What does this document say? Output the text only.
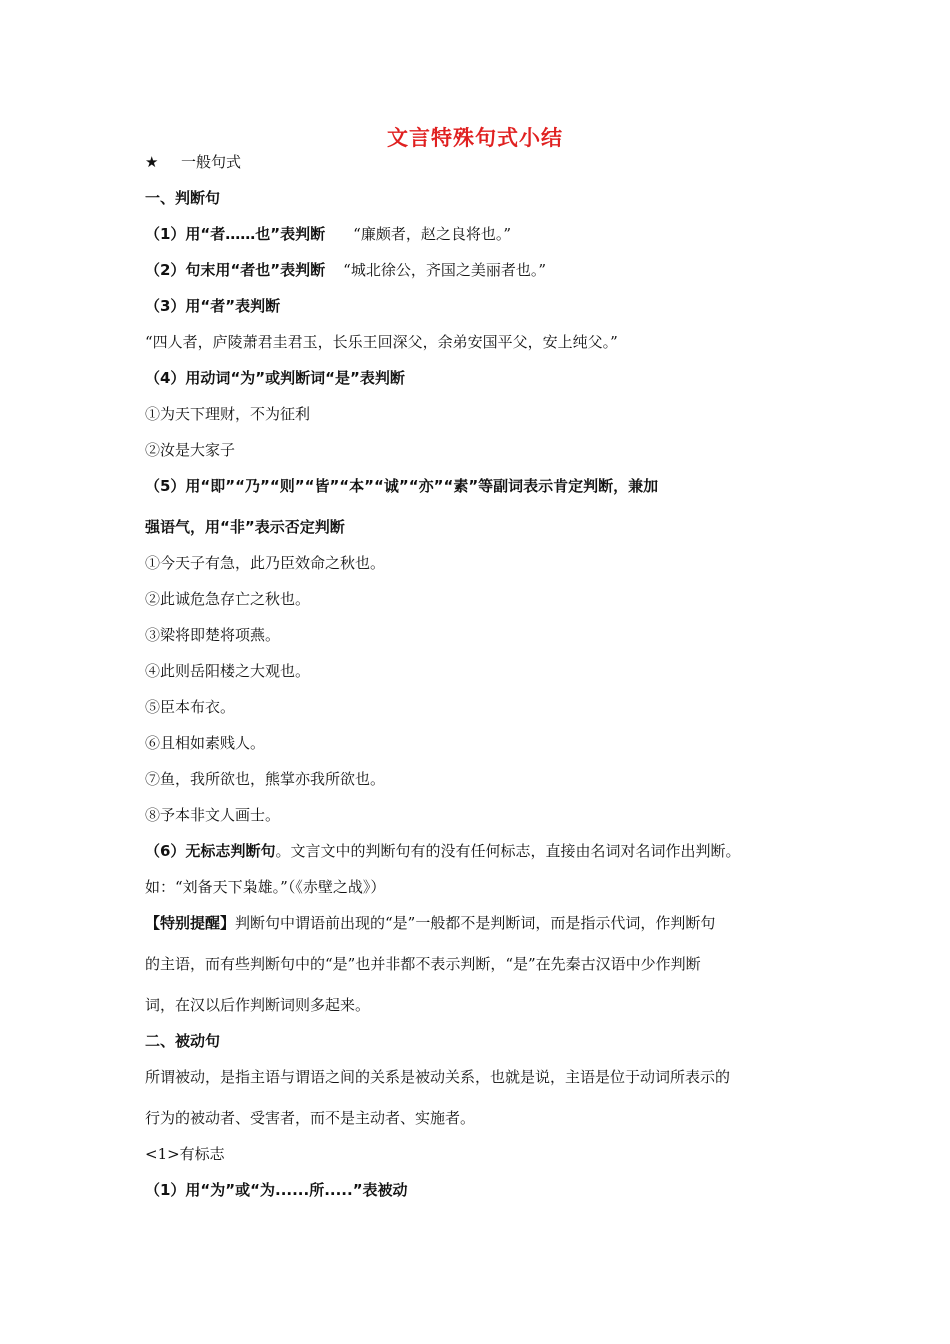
文言特殊句式小结
★ 一般句式
一、判断句
（1）用“者……也”表判断 “廉颇者，赵之良将也。”
（2）句末用“者也”表判断 “城北徐公，齐国之美丽者也。”
（3）用“者”表判断
“四人者，庐陵萧君圭君玉，长乐王回深父，余弟安国平父，安上纯父。”
（4）用动词“为”或判断词“是”表判断
①为天下理财，不为征利
②汝是大家子
（5）用“即”“乃”“则”“皆”“本”“诚”“亦”“素”等副词表示肯定判断，兼加
强语气，用“非”表示否定判断
①今天子有急，此乃臣效命之秋也。
②此诚危急存亡之秋也。
③梁将即楚将项燕。
④此则岳阳楼之大观也。
⑤臣本布衣。
⑥且相如素贱人。
⑦鱼，我所欲也，熊掌亦我所欲也。
⑧予本非文人画士。
（6）无标志判断句。文言文中的判断句有的没有任何标志，直接由名词对名词作出判断。
如：“刘备天下枭雄。”（《赤壁之战》）
【特别提醒】判断句中谓语前出现的“是”一般都不是判断词，而是指示代词，作判断句
的主语，而有些判断句中的“是”也并非都不表示判断，“是”在先秦古汉语中少作判断
词，在汉以后作判断词则多起来。
二、被动句
所谓被动，是指主语与谓语之间的关系是被动关系，也就是说，主语是位于动词所表示的
行为的被动者、受害者，而不是主动者、实施者。
<1>有标志
（1）用“为”或“为......所.....”表被动
